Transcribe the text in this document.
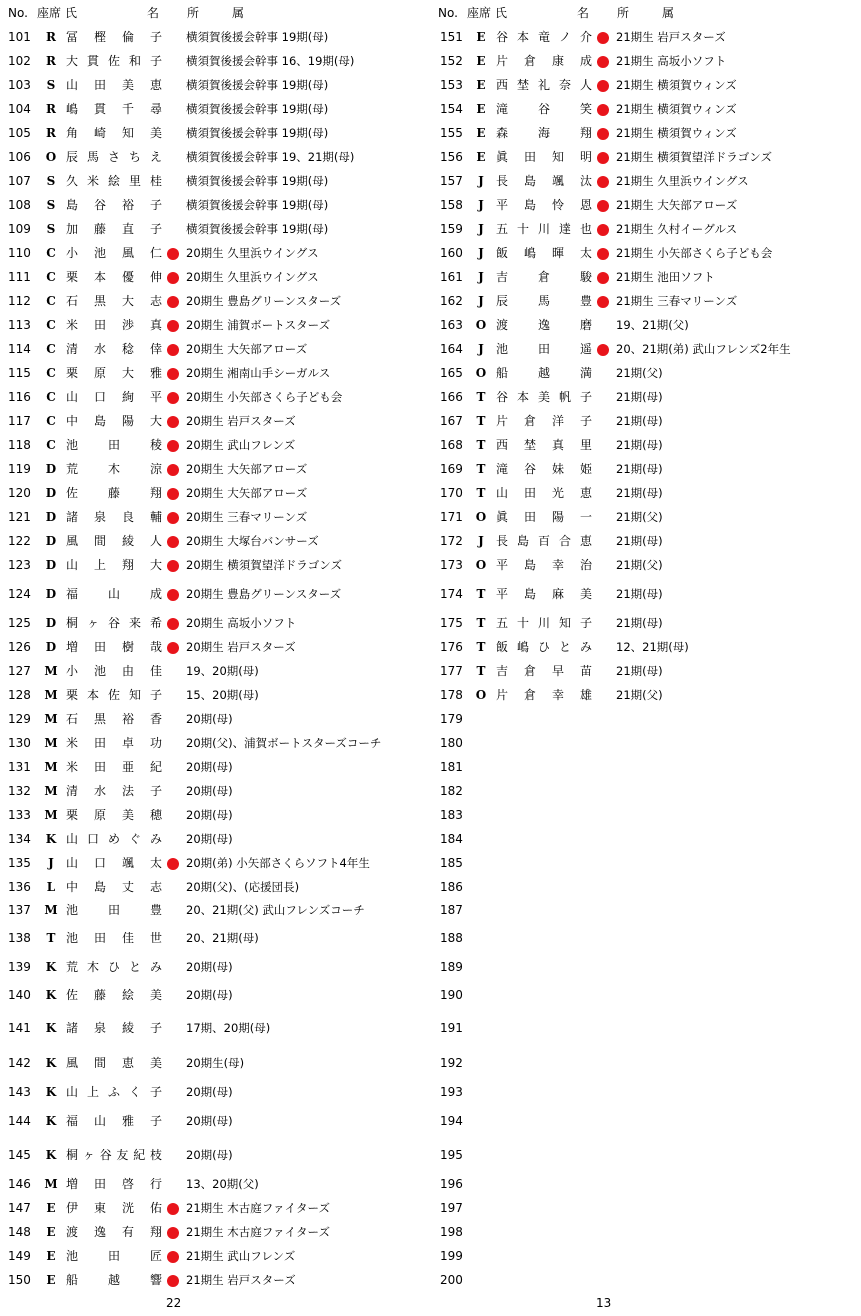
No. 座席 氏	名 所	属
101 R 冨 樫 倫 子 横須賀後援会幹事 19期(母)
102 R 大 貫 佐 和 子 横須賀後援会幹事 16、19期(母)
103 S 山 田 美 恵 横須賀後援会幹事 19期(母)
104 R 嶋 貫 千 尋 横須賀後援会幹事 19期(母)
105 R 角 崎 知 美 横須賀後援会幹事 19期(母)
106 O 辰 馬 さ ち え 横須賀後援会幹事 19、21期(母)
107 S 久 米 絵 里 桂 横須賀後援会幹事 19期(母)
108 S 島 谷 裕 子 横須賀後援会幹事 19期(母)
109 S 加 藤 直 子 横須賀後援会幹事 19期(母)
110 C 小 池 風 仁 20期生 久里浜ウイングス
111 C 栗 本 優 伸 20期生 久里浜ウイングス
112 C 石 黒 大 志 20期生 豊島グリーンスターズ
113 C 米 田 渉 真 20期生 浦賀ボートスターズ
114 C 清 水 稔 倖 20期生 大矢部アローズ
115 C 栗 原 大 雅 20期生 湘南山手シーガルス
116 C 山 口 絢 平 20期生 小矢部さくら子ども会
117 C 中 島 陽 大 20期生 岩戸スターズ
118 C 池 田 稜 20期生 武山フレンズ
119 D 荒 木 涼 20期生 大矢部アローズ
120 D 佐 藤 翔 20期生 大矢部アローズ
121 D 諸 泉 良 輔 20期生 三春マリーンズ
122 D 風 間 綾 人 20期生 大塚台バンサーズ
123 D 山 上 翔 大 20期生 横須賀望洋ドラゴンズ
124 D 福 山 成 20期生 豊島グリーンスターズ
125 D 桐 ヶ 谷 来 希 20期生 高坂小ソフト
126 D 増 田 樹 哉 20期生 岩戸スターズ
127 M 小 池 由 佳 19、20期(母)
128 M 栗 本 佐 知 子 15、20期(母)
129 M 石 黒 裕 香 20期(母)
130 M 米 田 卓 功 20期(父)、浦賀ボートスターズコーチ
131 M 米 田 亜 紀 20期(母)
132 M 清 水 法 子 20期(母)
133 M 栗 原 美 穂 20期(母)
134 K 山 口 め ぐ み 20期(母)
135	J	山 口 颯 太 20期(弟) 小矢部さくらソフト4年生
136 L 中 島 丈 志 20期(父)、(応援団長)
137 M 池 田 豊 20、21期(父) 武山フレンズコーチ
138 T 池 田 佳 世 20、21期(母)
139 K 荒 木 ひ と み 20期(母)
140 K 佐 藤 絵 美 20期(母)
141 K 諸 泉 綾 子 17期、20期(母)
142 K 風 間 恵 美 20期生(母)
143 K 山 上 ふ く 子 20期(母)
144 K 福 山 雅 子 20期(母)
145 K 桐 ヶ 谷 友 紀 枝 20期(母)
146 M 増 田 啓 行 13、20期(父)
147 E 伊 東 洸 佑 21期生 木古庭ファイターズ
148 E 渡 逸 有 翔 21期生 木古庭ファイターズ
149 E 池 田 匠 21期生 武山フレンズ
150 E 船 越 響 21期生 岩戸スターズ
No. 座席 氏	名 所	属
151 E 谷 本 竜 ノ 介 21期生 岩戸スターズ
152 E 片 倉 康 成 21期生 高坂小ソフト
153 E 西 埜 礼 奈 人 21期生 横須賀ウィンズ
154 E 滝 谷 笑 21期生 横須賀ウィンズ
155 E 森 海 翔 21期生 横須賀ウィンズ
156 E 眞 田 知 明 21期生 横須賀望洋ドラゴンズ
157	J	長 島 颯 汰 21期生 久里浜ウイングス
158	J	平 島 怜 恩 21期生 大矢部アローズ
159	J	五 十 川 達 也 21期生 久村イーグルス
160	J	飯 嶋 暉 太 21期生 小矢部さくら子ども会
161	J	吉 倉 駿 21期生 池田ソフト
162	J	辰 馬 豊 21期生 三春マリーンズ
163 O 渡 逸 磨 19、21期(父)
164	J	池 田 遥 20、21期(弟) 武山フレンズ2年生
165 O 船 越 満 21期(父)
166 T 谷 本 美 帆 子 21期(母)
167 T 片 倉 洋 子 21期(母)
168 T 西 埜 真 里 21期(母)
169 T 滝 谷 妹 姫 21期(母)
170 T 山 田 光 恵 21期(母)
171 O 眞 田 陽 一 21期(父)
172	J	長 島 百 合 恵 21期(母)
173 O 平 島 幸 治 21期(父)
174 T 平 島 麻 美 21期(母)
175 T 五 十 川 知 子 21期(母)
176 T 飯 嶋 ひ と み 12、21期(母)
177 T 吉 倉 早 苗 21期(母)
178 O 片 倉 幸 雄 21期(父)
179
180
181
182
183
184
185
186
187
188
189
190
191
192
193
194
195
196
197
198
199
200
22	13
